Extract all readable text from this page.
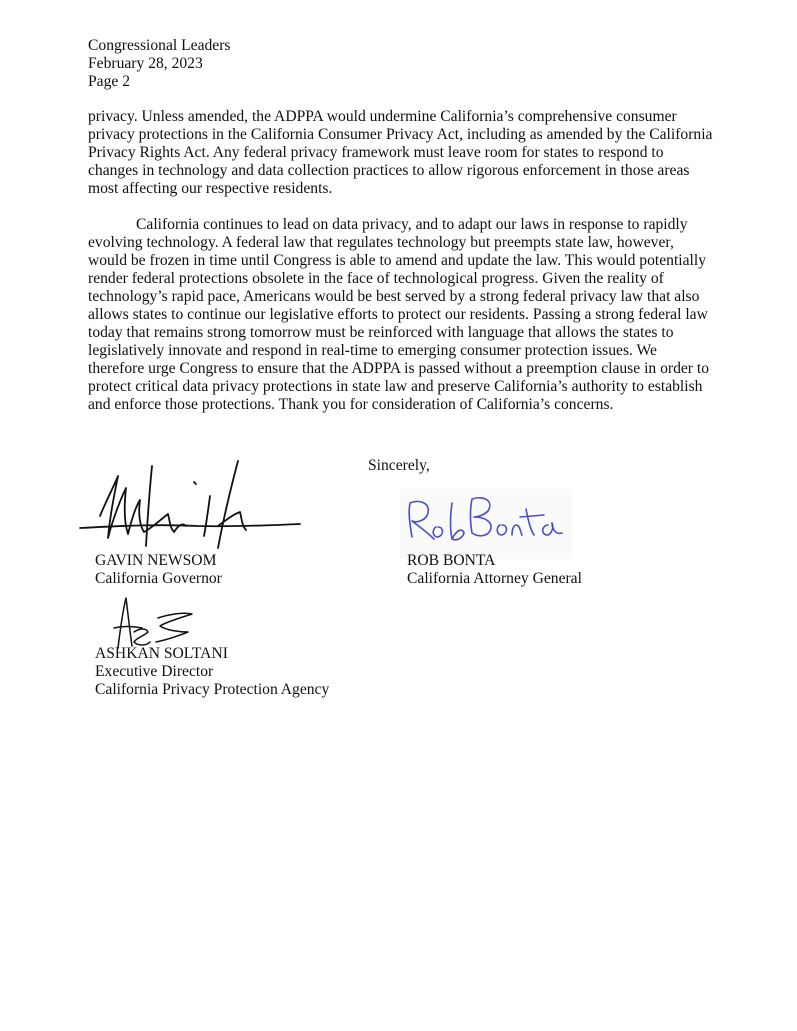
Congressional Leaders
February 28, 2023
Page 2

privacy. Unless amended, the ADPPA would undermine California’s comprehensive consumer privacy protections in the California Consumer Privacy Act, including as amended by the California Privacy Rights Act. Any federal privacy framework must leave room for states to respond to changes in technology and data collection practices to allow rigorous enforcement in those areas most affecting our respective residents.

California continues to lead on data privacy, and to adapt our laws in response to rapidly evolving technology. A federal law that regulates technology but preempts state law, however, would be frozen in time until Congress is able to amend and update the law. This would potentially render federal protections obsolete in the face of technological progress. Given the reality of technology’s rapid pace, Americans would be best served by a strong federal privacy law that also allows states to continue our legislative efforts to protect our residents. Passing a strong federal law today that remains strong tomorrow must be reinforced with language that allows the states to legislatively innovate and respond in real-time to emerging consumer protection issues. We therefore urge Congress to ensure that the ADPPA is passed without a preemption clause in order to protect critical data privacy protections in state law and preserve California’s authority to establish and enforce those protections. Thank you for consideration of California’s concerns.

Sincerely,
GAVIN NEWSOM
California Governor
ROB BONTA
California Attorney General
ASHKAN SOLTANI
Executive Director
California Privacy Protection Agency
